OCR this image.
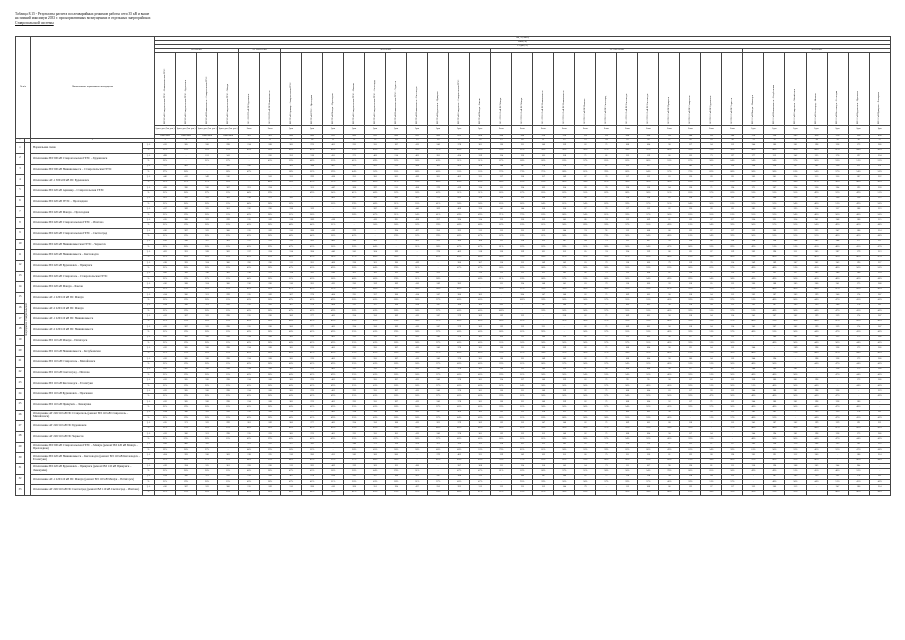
Таблица 8.15 - Результаты расчета послеаварийных режимов работы сети 35 кВ и выше
на зимний максимум 2033 г. при нормативных возмущениях в отдельных энергорайонах
Ставропольской системы
№ п/п		Наименование нормативного возмущения		Ток, А (МВА)																																		
				Зима (-4)																																		
				I / Iдоп (%)																																		
				ВЛ 500 кВ				АТ 500/220 кВ		ВЛ 220 кВ										АТ 220/110 кВ												ВЛ 110 кВ						

				ВЛ 500 кВ Ставропольская ГРЭС – Невинномысская ГРЭС	ВЛ 500 кВ Ставропольская ГРЭС – Буденновск	ВЛ 500 кВ Невинномысск – Ставропольская ГРЭС	ВЛ 500 кВ Ставропольская ГРЭС – Машук	АТ-1 500/220 кВ ПС Буденновск	АТ-2 500/220 кВ ПС Невинномысск	ВЛ 220 кВ Армавир – Ставропольская ГРЭС	ВЛ 220 кВ ГРЭС – Прохладная	ВЛ 220 кВ Машук – Прохладная	ВЛ 220 кВ Ставропольская ГРЭС – Ипатово	ВЛ 220 кВ Ставропольская ГРЭС – Светлоград	ВЛ 220 кВ Невинномысская ГРЭС – Черкесск	ВЛ 220 кВ Невинномысск – Кисловодск	ВЛ 220 кВ Буденновск – Прикумск	ВЛ 220 кВ Ставрополь – Ставропольская ГРЭС	ВЛ 220 кВ Машук – Баксан	АТ-1 220/110 кВ ПС Машук	АТ-2 220/110 кВ ПС Машук	АТ-1 220/110 кВ ПС Невинномысск	АТ-2 220/110 кВ ПС Невинномысск	АТ 220/110 кВ ПС Ипатово	АТ 220/110 кВ ПС Светлоград	АТ-1 220/110 кВ ПС Кисловодск	АТ-2 220/110 кВ ПС Кисловодск	АТ 220/110 кВ ПС Прикумск	АТ 220/110 кВ ПС Ставрополь	АТ 220/110 кВ ПС Буденновск	АТ 220/110 кВ ПС Черкесск	ВЛ 110 кВ Машук – Пятигорск	ВЛ 110 кВ Невинномысск – Кочубеевская	ВЛ 110 кВ Ставрополь – Михайловск	ВЛ 110 кВ Светлоград – Ипатово	ВЛ 110 кВ Кисловодск – Ессентуки	ВЛ 110 кВ Буденновск – Прасковея	ВЛ 110 кВ Прикумск – Левокумка

				Iдлит. доп. (Iав. доп.)	Iдлит. доп. (Iав. доп.)	Iдлит. доп. (Iав. доп.)	Iдлит. доп. (Iав. доп.)	Sном	Sном	Iдоп	Iдоп	Iдоп	Iдоп	Iдоп	Iдоп	Iдоп	Iдоп	Iдоп	Iдоп	Sном	Sном	Sном	Sном	Sном	Sном	Sном	Sном	Sном	Sном	Sном	Sном	Iдоп	Iдоп	Iдоп	Iдоп	Iдоп	Iдоп	Iдоп
				2000/2000	2000/2000	2000/2000	2000/2000	501	501	660	660	825	660	825	660	825	660	825	660	200	200	250	250	125	125	200	200	125	200	125	200	510	390	605	450	510	390	450
1		2		3	4	5	6	7	8	9	10	11	12	13	14	15	16	17	18	19	20	21	22	23	24	25	26	27	28	29	30	31	32	33	34	35	36	37
1	Энергорайон Ставропольский	Нормальная схема	I, А	412	385	520	298	214	188	305	276	401	233	355	187	412	246	378	301	118	121	146	139	62	71	108	104	58	117	64	112	244	186	301	198	238	173	206
			%	21%	19%	26%	15%	43%	38%	46%	42%	49%	35%	43%	28%	50%	37%	46%	46%	59%	61%	58%	56%	50%	57%	54%	52%	46%	59%	51%	56%	48%	48%	50%	44%	47%	44%	46%
2		Отключение ВЛ 500 кВ Ставропольская ГРЭС – Буденновск	I, А	498	–	611	341	–	226	352	318	455	271	402	214	463	281	424	339	134	136	165	158	71	81	123	119	66	133	73	127	277	212	342	225	270	197	234
			%	25%	–	31%	17%	–	45%	53%	48%	55%	41%	49%	32%	56%	43%	51%	51%	67%	68%	66%	63%	57%	65%	62%	60%	53%	67%	58%	64%	54%	54%	57%	50%	53%	51%	52%
3		Отключение ВЛ 500 кВ Невинномысск – Ставропольская ГРЭС	I, А	531	402	–	366	236	–	381	344	487	291	431	229	498	302	455	364	144	147	178	170	76	87	132	127	71	143	78	136	298	228	367	242	290	211	251
			%	27%	20%	–	18%	47%	–	58%	52%	59%	44%	52%	35%	60%	46%	55%	55%	72%	73%	71%	68%	61%	70%	66%	64%	57%	72%	62%	68%	58%	58%	61%	54%	57%	54%	56%
4		Отключение АТ-1 500/220 кВ ПС Буденновск	I, А	446	412	549	316	–	241	331	299	428	252	381	203	439	265	402	321	127	130	157	149	67	76	117	112	63	126	69	121	263	201	324	213	256	187	222
			%	22%	21%	27%	16%	–	48%	50%	45%	52%	38%	46%	31%	53%	40%	49%	49%	64%	65%	63%	60%	54%	61%	58%	56%	50%	63%	55%	61%	52%	52%	54%	47%	50%	48%	49%
5		Отключение ВЛ 220 кВ Армавир – Ставропольская ГРЭС	I, А	428	396	536	307	221	194	–	321	447	268	397	211	458	279	419	334	131	134	162	154	69	78	120	116	64	130	71	124	271	207	334	220	264	193	228
			%	21%	20%	27%	15%	44%	39%	–	49%	54%	41%	48%	32%	56%	42%	51%	51%	66%	67%	65%	62%	55%	62%	60%	58%	51%	65%	57%	62%	53%	53%	55%	49%	52%	49%	51%
6		Отключение ВЛ 220 кВ ГРЭС – Прохладная	I, А	421	392	529	303	218	191	341	–	463	257	392	206	452	273	413	329	129	132	160	152	68	77	118	114	63	128	70	122	267	204	329	217	260	190	225
			%	21%	20%	26%	15%	44%	38%	52%	–	56%	39%	48%	31%	55%	41%	50%	50%	65%	66%	64%	61%	54%	62%	59%	57%	51%	64%	56%	61%	52%	52%	54%	48%	51%	49%	50%
7		Отключение ВЛ 220 кВ Машук – Прохладная	I, А	417	389	525	301	216	190	338	329	–	251	387	203	446	269	408	326	141	144	158	150	67	76	117	113	62	126	69	121	281	201	325	214	257	188	223
			%	21%	19%	26%	15%	43%	38%	51%	50%	–	38%	47%	31%	54%	41%	49%	49%	71%	72%	63%	60%	54%	61%	59%	57%	50%	63%	55%	61%	55%	52%	54%	48%	50%	48%	50%
8		Отключение ВЛ 220 кВ Ставропольская ГРЭС – Ипатово	I, А	415	388	523	299	215	189	318	289	418	–	413	195	428	257	394	314	123	126	152	145	86	74	113	109	61	122	67	117	254	221	314	241	248	180	215
			%	21%	19%	26%	15%	43%	38%	48%	44%	51%	–	50%	30%	52%	39%	48%	48%	62%	63%	61%	58%	69%	59%	57%	55%	49%	61%	54%	59%	50%	57%	52%	54%	49%	46%	48%
9		Отключение ВЛ 220 кВ Ставропольская ГРЭС – Светлоград	I, А	416	387	522	300	215	189	316	288	416	279	–	194	427	256	393	313	123	125	152	144	74	91	112	108	60	122	67	117	253	206	313	233	247	180	214
			%	21%	19%	26%	15%	43%	38%	48%	44%	50%	42%	–	29%	52%	39%	48%	47%	62%	63%	61%	58%	59%	73%	56%	54%	48%	61%	54%	59%	50%	53%	52%	52%	48%	46%	48%
10		Отключение ВЛ 220 кВ Невинномысская ГРЭС – Черкесск	I, А	419	390	527	301	217	193	312	282	409	239	362	–	421	252	386	308	121	124	155	147	64	73	111	107	59	120	66	138	250	198	308	203	244	177	211
			%	21%	20%	26%	15%	43%	39%	47%	43%	50%	36%	44%	–	51%	38%	47%	47%	61%	62%	62%	59%	51%	58%	56%	54%	47%	60%	53%	69%	49%	51%	51%	45%	48%	45%	47%
11		Отключение ВЛ 220 кВ Невинномысск – Кисловодск	I, А	422	391	528	302	217	194	314	284	446	241	364	199	–	278	402	318	136	139	161	153	65	74	134	129	60	121	67	119	262	190	311	205	287	179	213
			%	21%	20%	26%	15%	43%	39%	48%	43%	54%	37%	44%	30%	–	42%	49%	48%	68%	70%	64%	61%	52%	59%	67%	65%	48%	61%	54%	60%	51%	49%	51%	46%	56%	46%	47%
12		Отключение ВЛ 220 кВ Буденновск – Прикумск	I, А	418	393	524	300	226	190	311	281	408	238	361	190	419	–	386	307	120	123	149	142	63	72	110	106	79	119	78	114	249	189	307	202	243	196	227
			%	21%	20%	26%	15%	45%	38%	47%	43%	49%	36%	44%	29%	51%	–	47%	47%	60%	62%	60%	57%	50%	58%	55%	53%	63%	60%	62%	57%	49%	48%	51%	45%	48%	50%	50%
13		Отключение ВЛ 220 кВ Ставрополь – Ставропольская ГРЭС	I, А	420	389	530	302	218	191	334	283	410	262	381	192	420	252	–	319	122	125	151	143	66	75	112	108	61	138	67	116	251	191	337	205	246	180	214
			%	21%	19%	27%	15%	44%	38%	51%	43%	50%	40%	46%	29%	51%	38%	–	48%	61%	63%	60%	57%	53%	60%	56%	54%	49%	69%	54%	58%	49%	49%	56%	46%	48%	46%	48%
14		Отключение ВЛ 220 кВ Машук – Баксан	I, А	416	388	524	300	216	190	310	281	433	236	359	189	416	249	383	–	131	134	148	141	63	72	110	106	59	118	65	113	266	188	305	200	241	175	208
			%	21%	19%	26%	15%	43%	38%	47%	43%	52%	36%	44%	29%	50%	38%	46%	–	66%	67%	59%	56%	50%	58%	55%	53%	47%	59%	52%	57%	52%	48%	50%	44%	47%	45%	46%
15		Отключение АТ-1 220/110 кВ ПС Машук	I, А	414	386	521	299	215	189	307	278	404	235	357	188	414	247	380	303	–	204	147	140	62	71	109	105	58	118	64	113	262	187	303	199	240	174	207
			%	21%	19%	26%	15%	43%	38%	47%	42%	49%	36%	43%	28%	50%	37%	46%	46%	–	102%	59%	56%	50%	57%	55%	53%	46%	59%	51%	57%	51%	48%	50%	44%	47%	45%	46%
16		Отключение АТ-2 220/110 кВ ПС Машук	I, А	414	386	521	299	215	189	307	278	404	235	357	188	414	247	380	303	203	–	147	140	62	71	109	105	58	118	64	113	262	187	303	199	240	174	207
			%	21%	19%	26%	15%	43%	38%	47%	42%	49%	36%	43%	28%	50%	37%	46%	46%	102%	–	59%	56%	50%	57%	55%	53%	46%	59%	51%	57%	51%	48%	50%	44%	47%	45%	46%
17		Отключение АТ-1 220/110 кВ ПС Невинномысск	I, А	413	387	522	298	215	190	306	277	402	234	356	189	413	247	379	302	119	122	–	228	62	71	109	105	58	118	64	114	245	207	302	199	239	174	207
			%	21%	19%	26%	15%	43%	38%	46%	42%	49%	35%	43%	29%	50%	37%	46%	46%	60%	61%	–	91%	50%	57%	55%	53%	46%	59%	51%	57%	48%	53%	50%	44%	47%	45%	46%
18		Отключение АТ-2 220/110 кВ ПС Невинномысск	I, А	413	387	522	298	215	190	306	277	402	234	356	189	413	247	379	302	119	122	231	–	62	71	109	105	58	118	64	114	245	207	302	199	239	174	207
			%	21%	19%	26%	15%	43%	38%	46%	42%	49%	35%	43%	29%	50%	37%	46%	46%	60%	61%	92%	–	50%	57%	55%	53%	46%	59%	51%	57%	48%	53%	50%	44%	47%	45%	46%
19		Отключение ВЛ 110 кВ Машук – Пятигорск	I, А	412	385	520	298	214	188	305	276	401	233	355	187	412	246	378	301	109	112	146	139	62	71	113	109	58	117	64	112	–	186	301	198	253	173	206
			%	21%	19%	26%	15%	43%	38%	46%	42%	49%	35%	43%	28%	50%	37%	46%	46%	55%	56%	58%	56%	50%	57%	57%	55%	46%	59%	51%	56%	–	48%	50%	44%	50%	44%	46%
20		Отключение ВЛ 110 кВ Невинномысск – Кочубеевская	I, А	412	385	520	298	214	188	305	276	401	233	355	187	412	246	378	301	118	121	136	129	62	71	108	104	58	121	64	112	244	–	309	198	238	173	206
			%	21%	19%	26%	15%	43%	38%	46%	42%	49%	35%	43%	28%	50%	37%	46%	46%	59%	61%	54%	52%	50%	57%	54%	52%	46%	61%	51%	56%	48%	–	51%	44%	47%	44%	46%
21		Отключение ВЛ 110 кВ Ставрополь – Михайловск	I, А	412	385	520	298	214	188	305	276	401	233	355	187	412	246	378	301	118	121	149	142	62	71	108	104	58	106	64	112	244	194	–	198	238	173	206
			%	21%	19%	26%	15%	43%	38%	46%	42%	49%	35%	43%	28%	50%	37%	46%	46%	59%	61%	60%	57%	50%	57%	54%	52%	46%	53%	51%	56%	48%	50%	–	44%	47%	44%	46%
22		Отключение ВЛ 110 кВ Светлоград – Ипатово	I, А	412	385	520	298	214	188	305	276	401	233	355	187	412	246	378	301	118	121	146	139	67	66	108	104	58	117	64	112	244	186	301	–	238	173	206
			%	21%	19%	26%	15%	43%	38%	46%	42%	49%	35%	43%	28%	50%	37%	46%	46%	59%	61%	58%	56%	54%	53%	54%	52%	46%	59%	51%	56%	48%	48%	50%	–	47%	44%	46%
23		Отключение ВЛ 110 кВ Кисловодск – Ессентуки	I, А	412	385	520	298	214	188	305	276	401	233	355	187	412	246	378	301	124	127	146	139	62	71	99	95	58	117	64	112	258	186	301	198	–	173	206
			%	21%	19%	26%	15%	43%	38%	46%	42%	49%	35%	43%	28%	50%	37%	46%	46%	62%	64%	58%	56%	50%	57%	50%	48%	46%	59%	51%	56%	51%	48%	50%	44%	–	44%	46%
24		Отключение ВЛ 110 кВ Буденновск – Прасковея	I, А	412	385	520	298	214	188	305	276	401	233	355	187	412	246	378	301	118	121	146	139	62	71	108	104	63	117	59	112	244	186	301	198	238	–	219
			%	21%	19%	26%	15%	43%	38%	46%	42%	49%	35%	43%	28%	50%	37%	46%	46%	59%	61%	58%	56%	50%	57%	54%	52%	50%	59%	47%	56%	48%	48%	50%	44%	47%	–	49%
25		Отключение ВЛ 110 кВ Прикумск – Левокумка	I, А	412	385	520	298	214	188	305	276	401	233	355	187	412	246	378	301	118	121	146	139	62	71	108	104	52	117	71	112	244	186	301	198	238	186	–
			%	21%	19%	26%	15%	43%	38%	46%	42%	49%	35%	43%	28%	50%	37%	46%	46%	59%	61%	58%	56%	50%	57%	54%	52%	42%	59%	57%	56%	48%	48%	50%	44%	47%	48%	–
26		Отключение АТ 220/110 кВ ПС Ставрополь (ремонт ВЛ 110 кВ Ставрополь – Михайловск)	I, А	414	386	522	299	215	189	318	277	402	234	356	188	413	247	366	302	119	122	158	151	63	72	109	105	58	–	64	113	245	201	–	199	239	174	207
			%	21%	19%	26%	15%	43%	38%	48%	42%	49%	35%	43%	28%	50%	37%	44%	46%	60%	61%	63%	60%	50%	58%	55%	53%	46%	–	51%	57%	48%	52%	–	44%	47%	45%	46%
27		Отключение АТ 220/110 кВ ПС Буденновск	I, А	415	371	522	299	201	189	306	277	402	234	356	188	413	262	379	302	119	122	147	140	62	71	109	105	68	118	–	113	245	187	302	199	239	191	221
			%	21%	19%	26%	15%	40%	38%	46%	42%	49%	35%	43%	28%	50%	40%	46%	46%	60%	61%	59%	56%	50%	57%	55%	53%	54%	59%	–	57%	48%	48%	50%	44%	47%	49%	49%
28		Отключение АТ 220/110 кВ ПС Черкесск	I, А	413	386	521	298	215	193	305	276	401	233	355	181	412	246	378	301	119	122	153	146	62	71	108	104	58	117	64	–	244	194	301	198	238	173	206
			%	21%	19%	26%	15%	43%	39%	46%	42%	49%	35%	43%	27%	50%	37%	46%	46%	60%	61%	61%	58%	50%	57%	54%	52%	46%	59%	51%	–	48%	50%	50%	44%	47%	44%	46%
29		Отключение ВЛ 500 кВ Ставропольская ГРЭС – Машук (ремонт ВЛ 220 кВ Машук – Прохладная)	I, А	438	406	541	–	221	195	327	341	–	248	371	198	478	261	396	352	158	161	152	145	65	74	124	119	61	123	67	117	309	194	316	208	263	182	216
			%	22%	20%	27%	–	44%	39%	50%	52%	–	38%	45%	30%	58%	40%	48%	53%	79%	81%	61%	58%	52%	59%	62%	60%	49%	62%	54%	59%	61%	50%	52%	46%	52%	47%	48%
30		Отключение ВЛ 220 кВ Невинномысск – Кисловодск (ремонт ВЛ 110 кВ Кисловодск – Ессентуки)	I, А	424	393	530	303	218	195	316	286	452	243	366	200	–	279	403	321	139	142	163	155	66	75	131	126	61	122	68	120	265	191	312	206	–	180	214
			%	21%	20%	27%	15%	44%	39%	48%	43%	55%	37%	44%	30%	–	42%	49%	49%	70%	71%	65%	62%	53%	60%	66%	63%	49%	61%	54%	60%	52%	49%	52%	46%	–	46%	48%
31		Отключение ВЛ 220 кВ Буденновск – Прикумск (ремонт ВЛ 110 кВ Прикумск – Левокумка)	I, А	419	394	525	301	228	190	312	282	409	239	362	191	420	–	387	308	121	124	150	143	64	73	111	107	98	120	81	115	250	190	308	203	244	204	–
			%	21%	20%	26%	15%	46%	38%	47%	43%	50%	36%	44%	29%	51%	–	47%	47%	61%	62%	60%	57%	51%	58%	56%	54%	78%	60%	65%	58%	49%	49%	51%	45%	48%	52%	–
32		Отключение АТ-1 220/110 кВ ПС Машук (ремонт ВЛ 110 кВ Машук – Пятигорск)	I, А	414	386	521	299	215	189	307	278	418	235	357	188	421	247	380	312	–	189	147	140	62	71	118	114	58	118	64	113	–	187	303	199	262	174	207
			%	21%	19%	26%	15%	43%	38%	47%	42%	51%	36%	43%	28%	51%	37%	46%	47%	–	95%	59%	56%	50%	57%	59%	57%	46%	59%	51%	57%	–	48%	50%	44%	51%	45%	46%
33		Отключение АТ 220/110 кВ ПС Светлоград (ремонт ВЛ 110 кВ Светлоград – Ипатово)	I, А	416	387	522	300	215	189	316	288	416	268	351	194	427	256	393	313	123	125	152	144	79	–	112	108	60	122	67	117	253	206	313	–	247	180	214
			%	21%	19%	26%	15%	43%	38%	48%	44%	50%	41%	43%	29%	52%	39%	48%	47%	62%	63%	61%	58%	63%	–	56%	54%	48%	61%	54%	59%	50%	53%	52%	–	48%	46%	48%
